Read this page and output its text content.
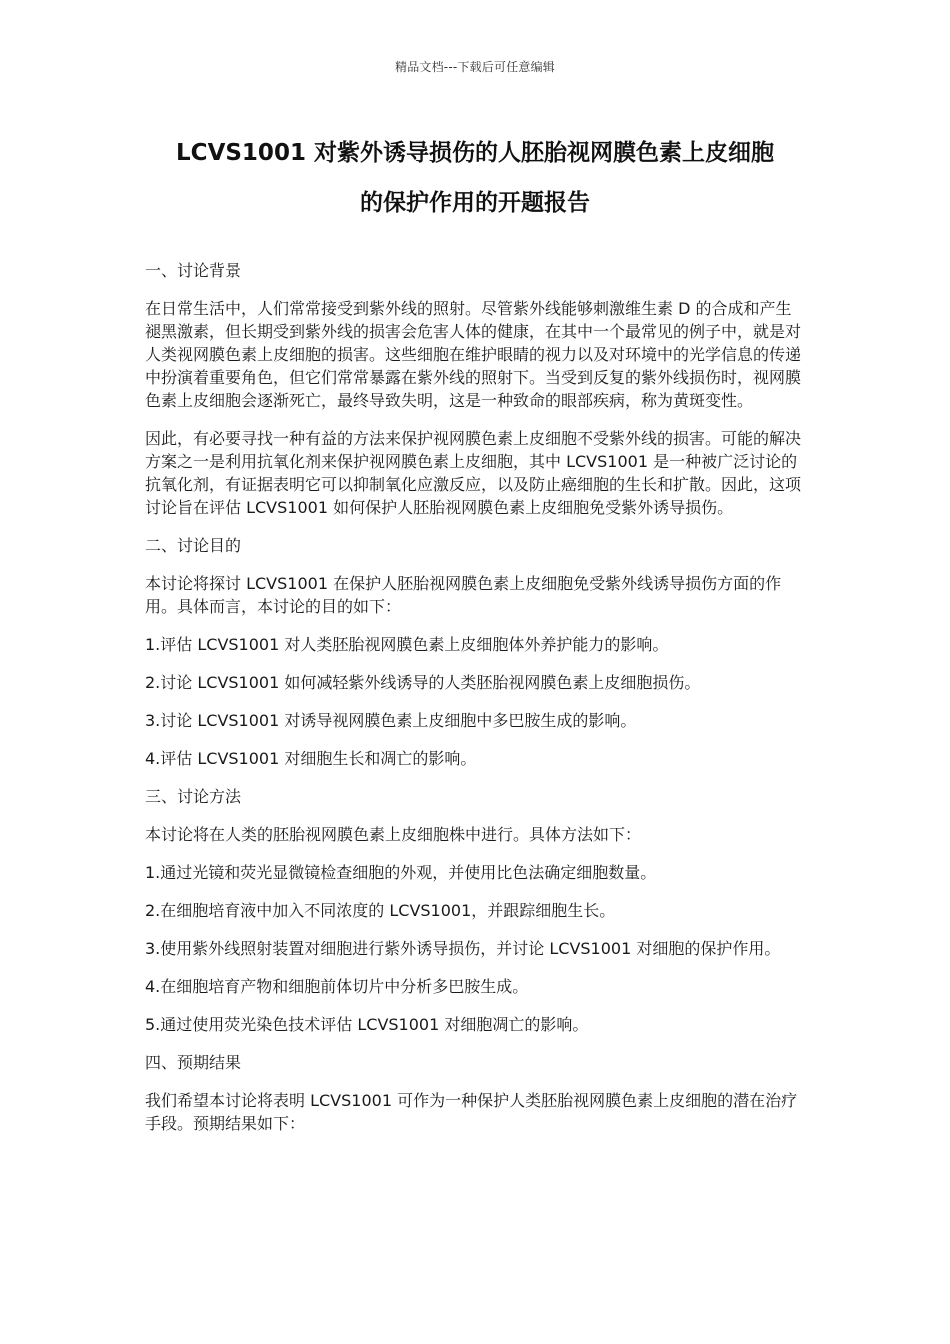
精品文档---下载后可任意编辑
LCVS1001 对紫外诱导损伤的人胚胎视网膜色素上皮细胞
的保护作用的开题报告

一、讨论背景

在日常生活中，人们常常接受到紫外线的照射。尽管紫外线能够刺激维生素 D 的合成和产生褪黑激素，但长期受到紫外线的损害会危害人体的健康，在其中一个最常见的例子中，就是对人类视网膜色素上皮细胞的损害。这些细胞在维护眼睛的视力以及对环境中的光学信息的传递中扮演着重要角色，但它们常常暴露在紫外线的照射下。当受到反复的紫外线损伤时，视网膜色素上皮细胞会逐渐死亡，最终导致失明，这是一种致命的眼部疾病，称为黄斑变性。

因此，有必要寻找一种有益的方法来保护视网膜色素上皮细胞不受紫外线的损害。可能的解决方案之一是利用抗氧化剂来保护视网膜色素上皮细胞，其中 LCVS1001 是一种被广泛讨论的抗氧化剂，有证据表明它可以抑制氧化应激反应，以及防止癌细胞的生长和扩散。因此，这项讨论旨在评估 LCVS1001 如何保护人胚胎视网膜色素上皮细胞免受紫外诱导损伤。

二、讨论目的

本讨论将探讨 LCVS1001 在保护人胚胎视网膜色素上皮细胞免受紫外线诱导损伤方面的作用。具体而言，本讨论的目的如下：

1.评估 LCVS1001 对人类胚胎视网膜色素上皮细胞体外养护能力的影响。

2.讨论 LCVS1001 如何减轻紫外线诱导的人类胚胎视网膜色素上皮细胞损伤。

3.讨论 LCVS1001 对诱导视网膜色素上皮细胞中多巴胺生成的影响。

4.评估 LCVS1001 对细胞生长和凋亡的影响。

三、讨论方法

本讨论将在人类的胚胎视网膜色素上皮细胞株中进行。具体方法如下：

1.通过光镜和荧光显微镜检查细胞的外观，并使用比色法确定细胞数量。

2.在细胞培育液中加入不同浓度的 LCVS1001，并跟踪细胞生长。

3.使用紫外线照射装置对细胞进行紫外诱导损伤，并讨论 LCVS1001 对细胞的保护作用。

4.在细胞培育产物和细胞前体切片中分析多巴胺生成。

5.通过使用荧光染色技术评估 LCVS1001 对细胞凋亡的影响。

四、预期结果

我们希望本讨论将表明 LCVS1001 可作为一种保护人类胚胎视网膜色素上皮细胞的潜在治疗手段。预期结果如下：
